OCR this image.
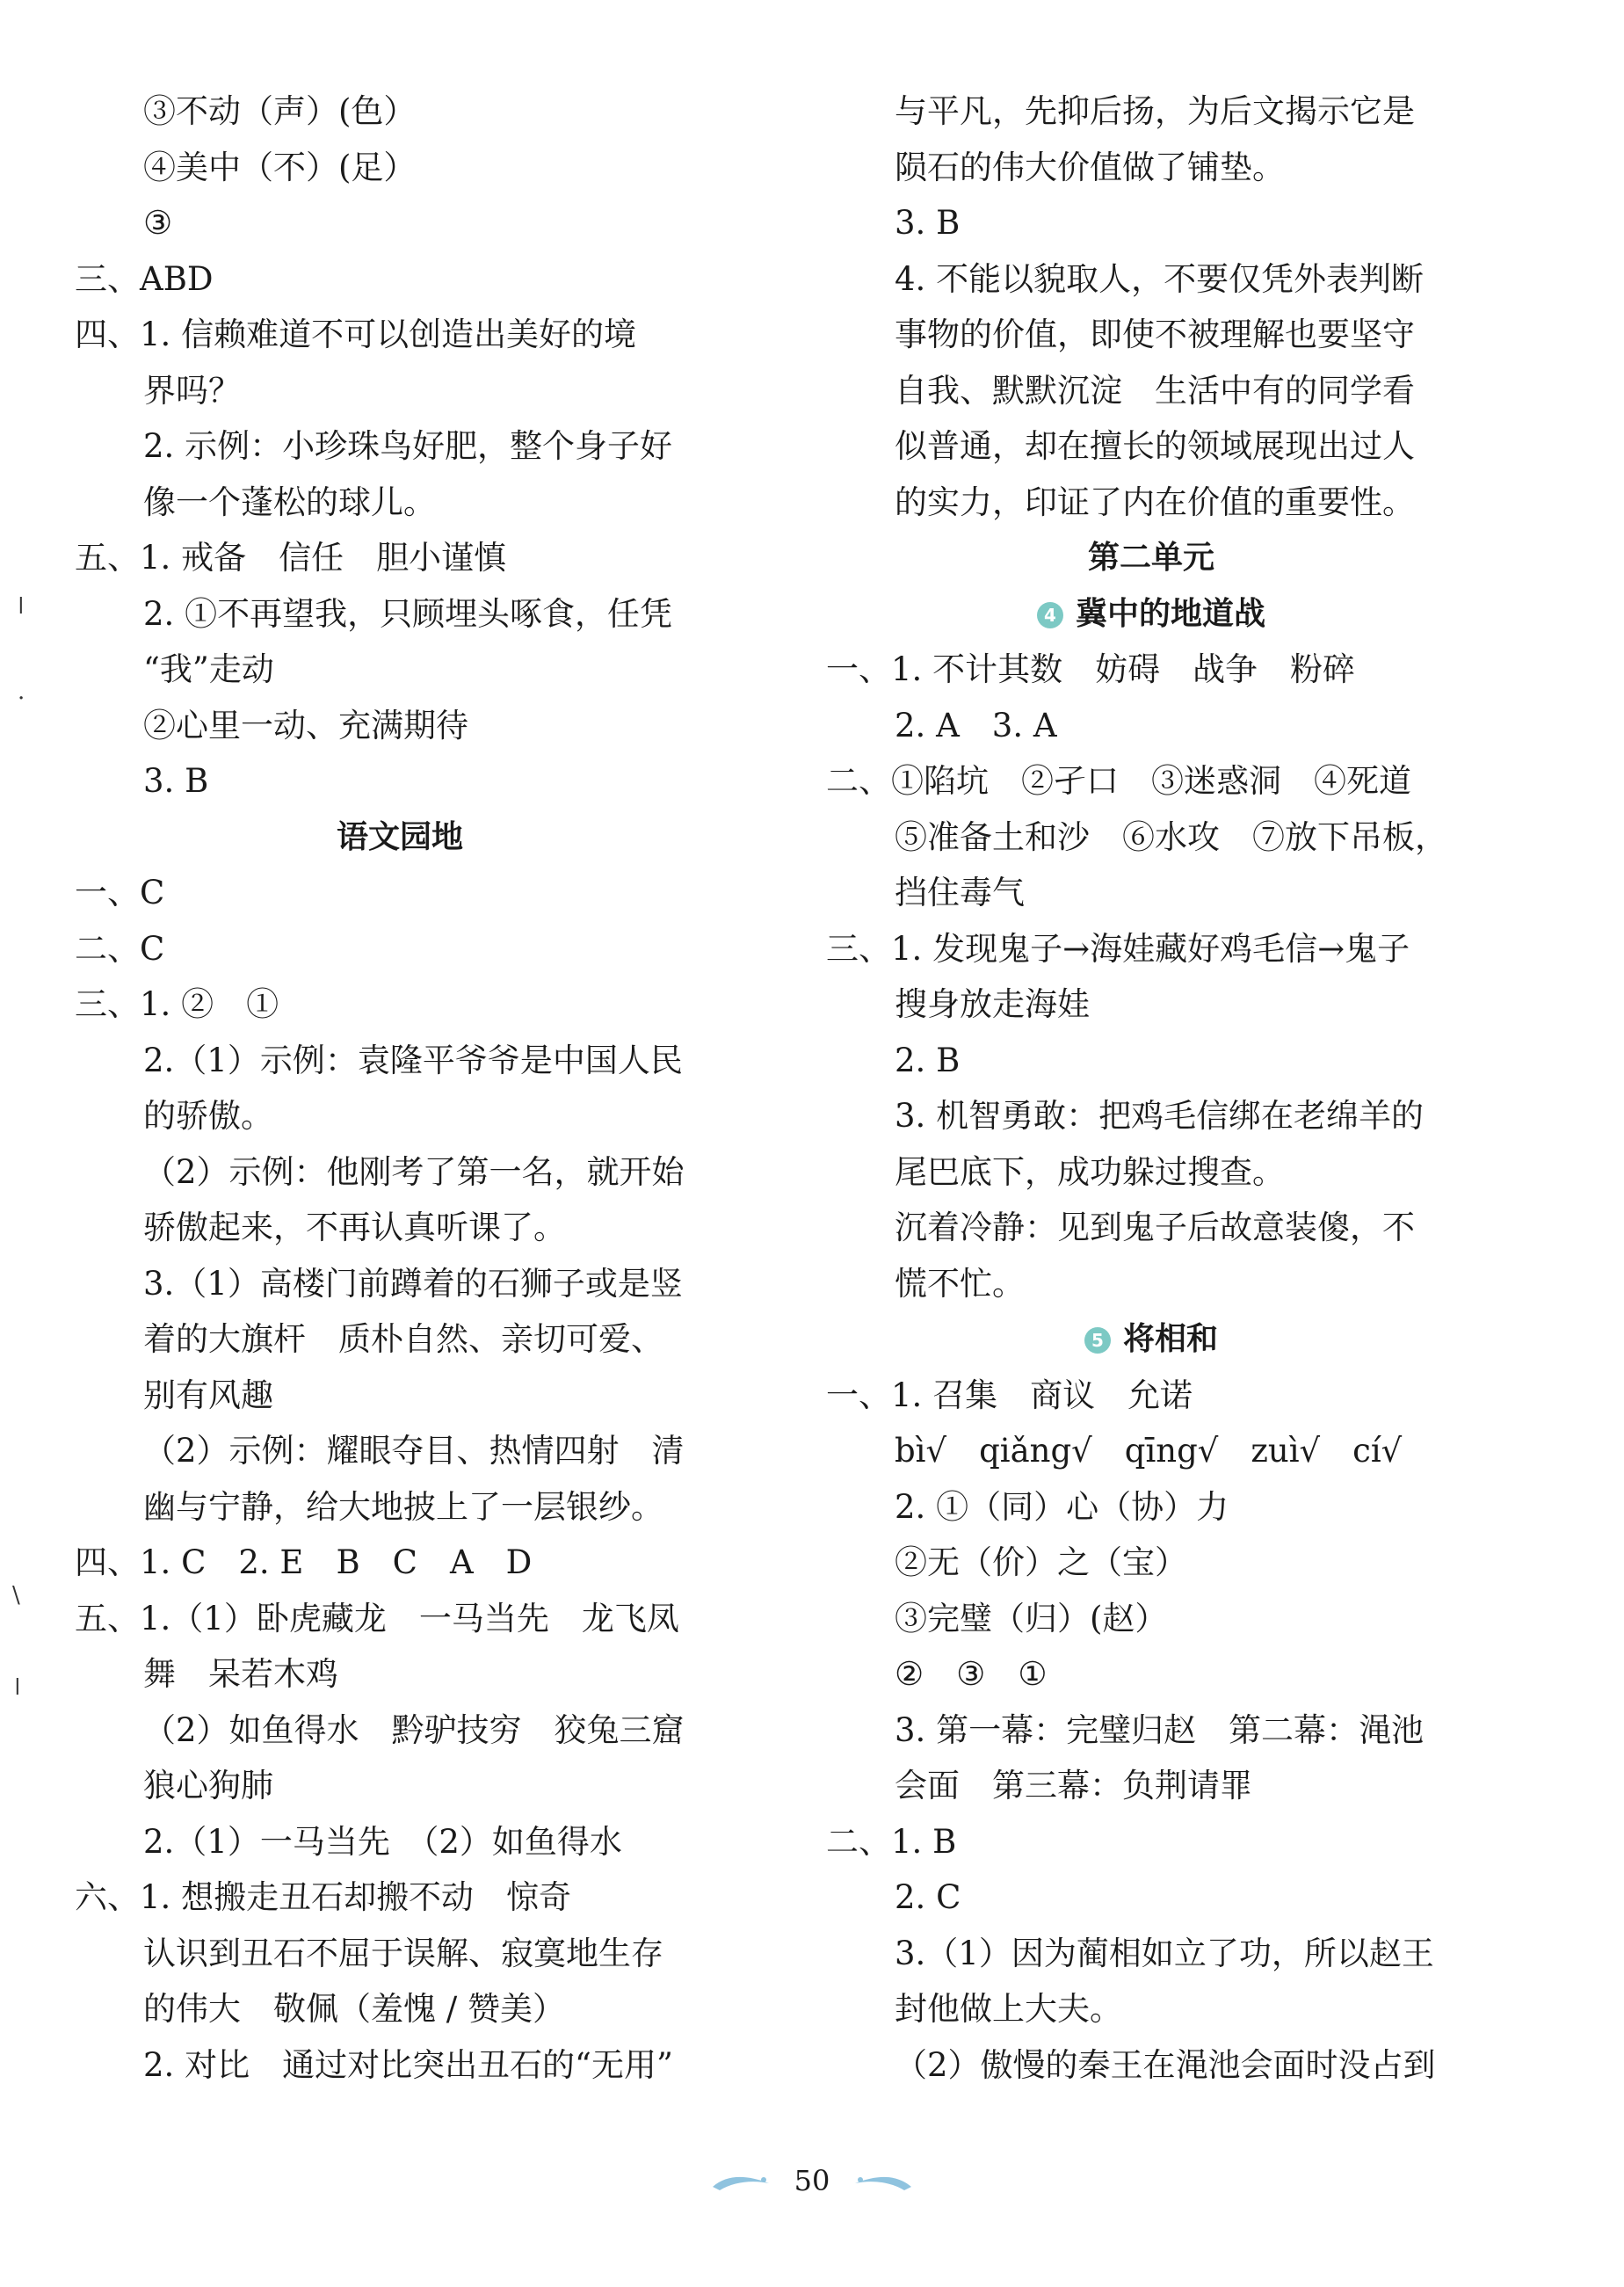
③不动（声）(色）
④美中（不）(足）
③
三、ABD
四、1. 信赖难道不可以创造出美好的境
界吗？
2. 示例：小珍珠鸟好肥，整个身子好
像一个蓬松的球儿。
五、1. 戒备　信任　胆小谨慎
2. ①不再望我，只顾埋头啄食，任凭
“我”走动
②心里一动、充满期待
3. B
语文园地
一、C
二、C
三、1. ②　①
2.（1）示例：袁隆平爷爷是中国人民
的骄傲。
（2）示例：他刚考了第一名，就开始
骄傲起来，不再认真听课了。
3.（1）高楼门前蹲着的石狮子或是竖
着的大旗杆　质朴自然、亲切可爱、
别有风趣
（2）示例：耀眼夺目、热情四射　清
幽与宁静，给大地披上了一层银纱。
四、1. C　2. E　B　C　A　D
五、1.（1）卧虎藏龙　一马当先　龙飞凤
舞　呆若木鸡
（2）如鱼得水　黔驴技穷　狡兔三窟
狼心狗肺
2.（1）一马当先　（2）如鱼得水
六、1. 想搬走丑石却搬不动　惊奇
认识到丑石不屈于误解、寂寞地生存
的伟大　敬佩（羞愧 / 赞美）
2. 对比　通过对比突出丑石的“无用”
与平凡，先抑后扬，为后文揭示它是
陨石的伟大价值做了铺垫。
3. B
4. 不能以貌取人，不要仅凭外表判断
事物的价值，即使不被理解也要坚守
自我、默默沉淀　生活中有的同学看
似普通，却在擅长的领域展现出过人
的实力，印证了内在价值的重要性。
第二单元
4 冀中的地道战
一、1. 不计其数　妨碍　战争　粉碎
2. A　3. A
二、①陷坑　②孑口　③迷惑洞　④死道
⑤准备土和沙　⑥水攻　⑦放下吊板，
挡住毒气
三、1. 发现鬼子→海娃藏好鸡毛信→鬼子
搜身放走海娃
2. B
3. 机智勇敢：把鸡毛信绑在老绵羊的
尾巴底下，成功躲过搜查。
沉着冷静：见到鬼子后故意装傻，不
慌不忙。
5 将相和
一、1. 召集　商议　允诺
bì√　qiǎng√　qīng√　zuì√　cí√
2. ①（同）心（协）力
②无（价）之（宝）
③完璧（归）(赵）
②　③　①
3. 第一幕：完璧归赵　第二幕：渑池
会面　第三幕：负荆请罪
二、1. B
2. C
3.（1）因为蔺相如立了功，所以赵王
封他做上大夫。
（2）傲慢的秦王在渑池会面时没占到
ǀ
·
\
ǀ
50
